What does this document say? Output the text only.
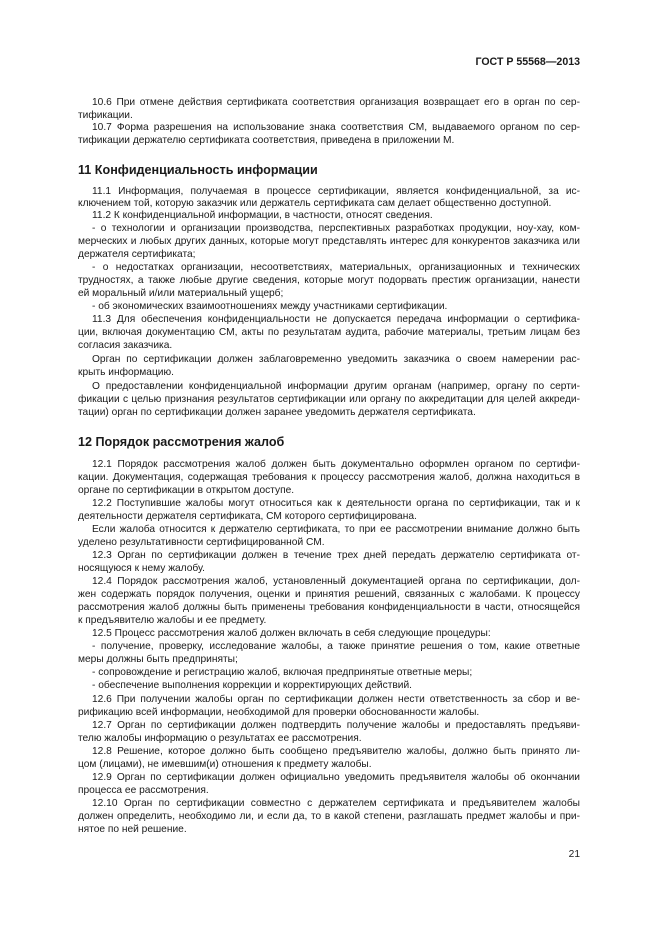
ГОСТ Р 55568—2013
10.6 При отмене действия сертификата соответствия организация возвращает его в орган по сер-
тификации.
10.7 Форма разрешения на использование знака соответствия СМ, выдаваемого органом по сер-
тификации держателю сертификата соответствия, приведена в приложении М.
11 Конфиденциальность информации
11.1 Информация, получаемая в процессе сертификации, является конфиденциальной, за ис-
ключением той, которую заказчик или держатель сертификата сам делает общественно доступной.
11.2 К конфиденциальной информации, в частности, относят сведения.
- о технологии и организации производства, перспективных разработках продукции, ноу-хау, ком-
мерческих и любых других данных, которые могут представлять интерес для конкурентов заказчика или
держателя сертификата;
- о недостатках организации, несоответствиях, материальных, организационных и технических
трудностях, а также любые другие сведения, которые могут подорвать престиж организации, нанести
ей моральный и/или материальный ущерб;
- об экономических взаимоотношениях между участниками сертификации.
11.3 Для обеспечения конфиденциальности не допускается передача информации о сертифика-
ции, включая документацию СМ, акты по результатам аудита, рабочие материалы, третьим лицам без
согласия заказчика.
Орган по сертификации должен заблаговременно уведомить заказчика о своем намерении рас-
крыть информацию.
О предоставлении конфиденциальной информации другим органам (например, органу по серти-
фикации с целью признания результатов сертификации или органу по аккредитации для целей аккреди-
тации) орган по сертификации должен заранее уведомить держателя сертификата.
12 Порядок рассмотрения жалоб
12.1 Порядок рассмотрения жалоб должен быть документально оформлен органом по сертифи-
кации. Документация, содержащая требования к процессу рассмотрения жалоб, должна находиться в
органе по сертификации в открытом доступе.
12.2 Поступившие жалобы могут относиться как к деятельности органа по сертификации, так и к
деятельности держателя сертификата, СМ которого сертифицирована.
Если жалоба относится к держателю сертификата, то при ее рассмотрении внимание должно быть
уделено результативности сертифицированной СМ.
12.3 Орган по сертификации должен в течение трех дней передать держателю сертификата от-
носящуюся к нему жалобу.
12.4 Порядок рассмотрения жалоб, установленный документацией органа по сертификации, дол-
жен содержать порядок получения, оценки и принятия решений, связанных с жалобами. К процессу
рассмотрения жалоб должны быть применены требования конфиденциальности в части, относящейся
к предъявителю жалобы и ее предмету.
12.5 Процесс рассмотрения жалоб должен включать в себя следующие процедуры:
- получение, проверку, исследование жалобы, а также принятие решения о том, какие ответные
меры должны быть предприняты;
- сопровождение и регистрацию жалоб, включая предпринятые ответные меры;
- обеспечение выполнения коррекции и корректирующих действий.
12.6 При получении жалобы орган по сертификации должен нести ответственность за сбор и ве-
рификацию всей информации, необходимой для проверки обоснованности жалобы.
12.7 Орган по сертификации должен подтвердить получение жалобы и предоставлять предъяви-
телю жалобы информацию о результатах ее рассмотрения.
12.8 Решение, которое должно быть сообщено предъявителю жалобы, должно быть принято ли-
цом (лицами), не имевшим(и) отношения к предмету жалобы.
12.9 Орган по сертификации должен официально уведомить предъявителя жалобы об окончании
процесса ее рассмотрения.
12.10 Орган по сертификации совместно с держателем сертификата и предъявителем жалобы
должен определить, необходимо ли, и если да, то в какой степени, разглашать предмет жалобы и при-
нятое по ней решение.
21
